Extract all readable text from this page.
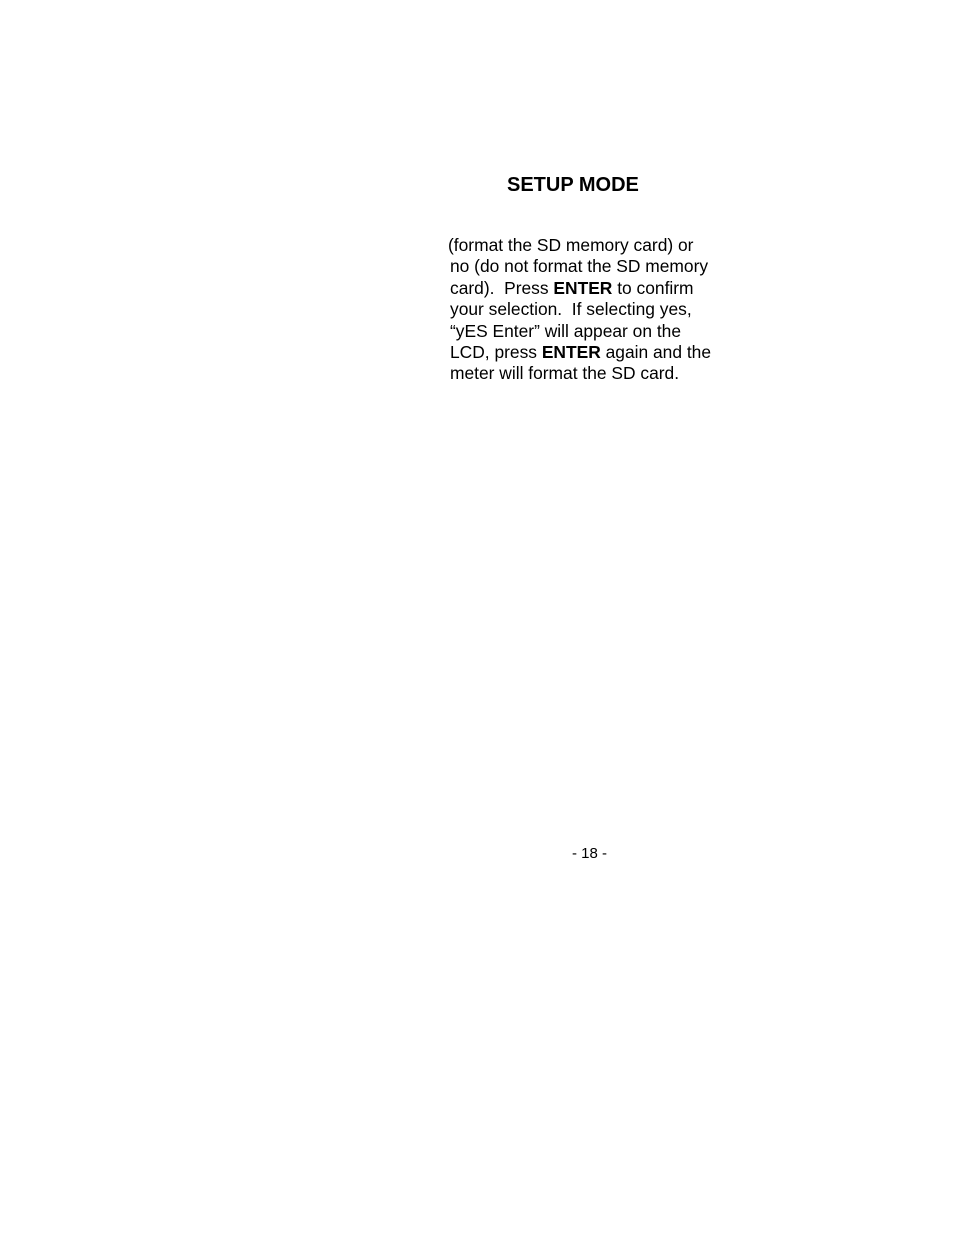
SETUP MODE

(format the SD memory card) or
no (do not format the SD memory
card).  Press ENTER to confirm
your selection.  If selecting yes,
“yES Enter” will appear on the
LCD, press ENTER again and the
meter will format the SD card.

- 18 -
